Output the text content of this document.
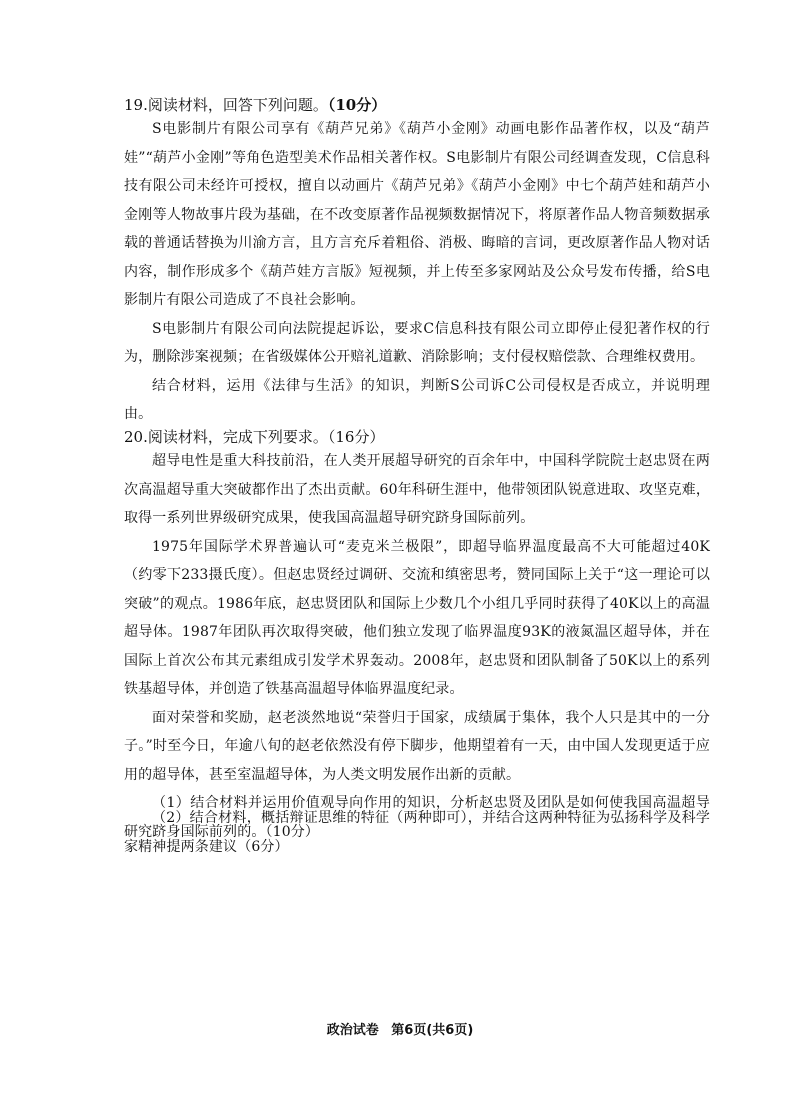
19.阅读材料，回答下列问题。（10分）

S电影制片有限公司享有《葫芦兄弟》《葫芦小金刚》动画电影作品著作权，以及“葫芦娃”“葫芦小金刚”等角色造型美术作品相关著作权。S电影制片有限公司经调查发现，C信息科技有限公司未经许可授权，擅自以动画片《葫芦兄弟》《葫芦小金刚》中七个葫芦娃和葫芦小金刚等人物故事片段为基础，在不改变原著作品视频数据情况下，将原著作品人物音频数据承载的普通话替换为川渝方言，且方言充斥着粗俗、消极、晦暗的言词，更改原著作品人物对话内容，制作形成多个《葫芦娃方言版》短视频，并上传至多家网站及公众号发布传播，给S电影制片有限公司造成了不良社会影响。

S电影制片有限公司向法院提起诉讼，要求C信息科技有限公司立即停止侵犯著作权的行为，删除涉案视频；在省级媒体公开赔礼道歉、消除影响；支付侵权赔偿款、合理维权费用。

结合材料，运用《法律与生活》的知识，判断S公司诉C公司侵权是否成立，并说明理由。

20.阅读材料，完成下列要求。（16分）

超导电性是重大科技前沿，在人类开展超导研究的百余年中，中国科学院院士赵忠贤在两次高温超导重大突破都作出了杰出贡献。60年科研生涯中，他带领团队锐意进取、攻坚克难，取得一系列世界级研究成果，使我国高温超导研究跻身国际前列。

1975年国际学术界普遍认可“麦克米兰极限”，即超导临界温度最高不大可能超过40K（约零下233摄氏度）。但赵忠贤经过调研、交流和缜密思考，赞同国际上关于“这一理论可以突破”的观点。1986年底，赵忠贤团队和国际上少数几个小组几乎同时获得了40K以上的高温超导体。1987年团队再次取得突破，他们独立发现了临界温度93K的液氮温区超导体，并在国际上首次公布其元素组成引发学术界轰动。2008年，赵忠贤和团队制备了50K以上的系列铁基超导体，并创造了铁基高温超导体临界温度纪录。

面对荣誉和奖励，赵老淡然地说“荣誉归于国家，成绩属于集体，我个人只是其中的一分子。”时至今日，年逾八旬的赵老依然没有停下脚步，他期望着有一天，由中国人发现更适于应用的超导体，甚至室温超导体，为人类文明发展作出新的贡献。

（1）结合材料并运用价值观导向作用的知识，分析赵忠贤及团队是如何使我国高温超导研究跻身国际前列的。（10分）

（2）结合材料，概括辩证思维的特征（两种即可），并结合这两种特征为弘扬科学及科学家精神提两条建议（6分）

政治试卷 第6页(共6页)
